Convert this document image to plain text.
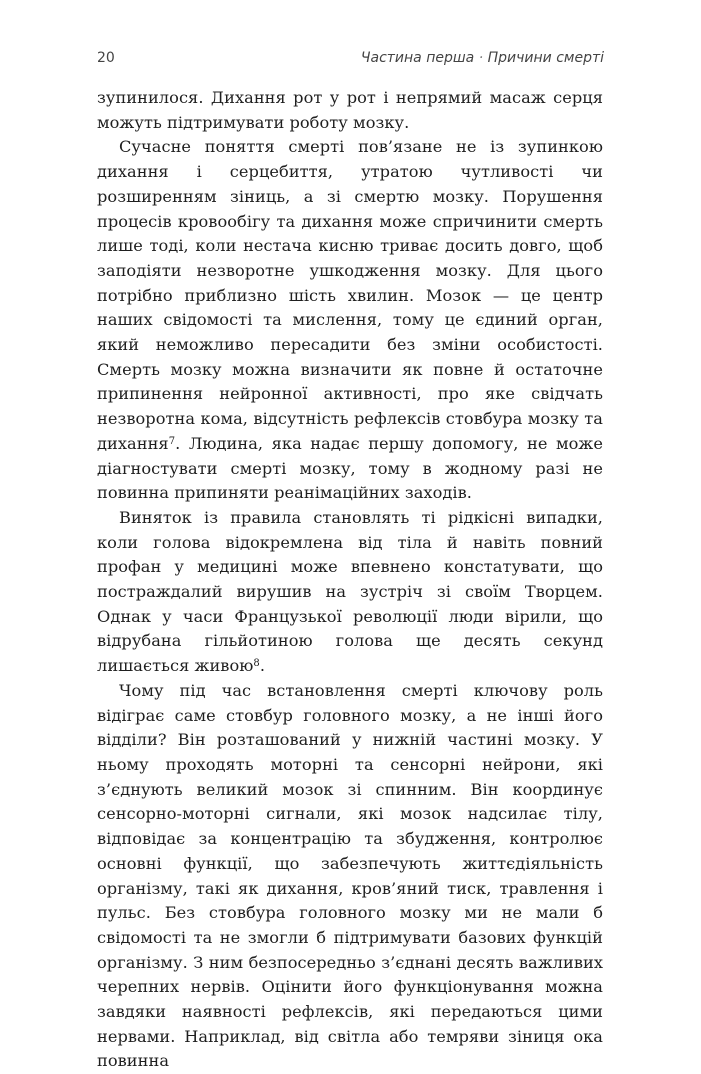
20	Частина перша · Причини смерті

зупинилося. Дихання рот у рот і непрямий масаж серця можуть підтримувати роботу мозку.

Сучасне поняття смерті пов’язане не із зупинкою дихання і серцебиття, утратою чутливості чи розширенням зіниць, а зі смертю мозку. Порушення процесів кровообігу та дихання може спричинити смерть лише тоді, коли нестача кисню триває досить довго, щоб заподіяти незворотне ушкодження мозку. Для цього потрібно приблизно шість хвилин. Мозок — це центр наших свідомості та мислення, тому це єдиний орган, який неможливо пересадити без зміни особистості. Смерть мозку можна визначити як повне й остаточне припинення нейронної активності, про яке свідчать незворотна кома, відсутність рефлексів стовбура мозку та дихання$^7$. Людина, яка надає першу допомогу, не може діагностувати смерті мозку, тому в жодному разі не повинна припиняти реанімаційних заходів.

Виняток із правила становлять ті рідкісні випадки, коли голова відокремлена від тіла й навіть повний профан у медицині може впевнено констатувати, що постраждалий вирушив на зустріч зі своїм Творцем. Однак у часи Французької революції люди вірили, що відрубана гільйотиною голова ще десять секунд лишається живою$^8$.

Чому під час встановлення смерті ключову роль відіграє саме стовбур головного мозку, а не інші його відділи? Він розташований у нижній частині мозку. У ньому проходять моторні та сенсорні нейрони, які з’єднують великий мозок зі спинним. Він координує сенсорно-моторні сигнали, які мозок надсилає тілу, відповідає за концентрацію та збудження, контролює основні функції, що забезпечують життєдіяльність організму, такі як дихання, кров’яний тиск, травлення і пульс. Без стовбура головного мозку ми не мали б свідомості та не змогли б підтримувати базових функцій організму. З ним безпосередньо з’єднані десять важливих черепних нервів. Оцінити його функціонування можна завдяки наявності рефлексів, які передаються цими нервами. Наприклад, від світла або темряви зіниця ока повинна
